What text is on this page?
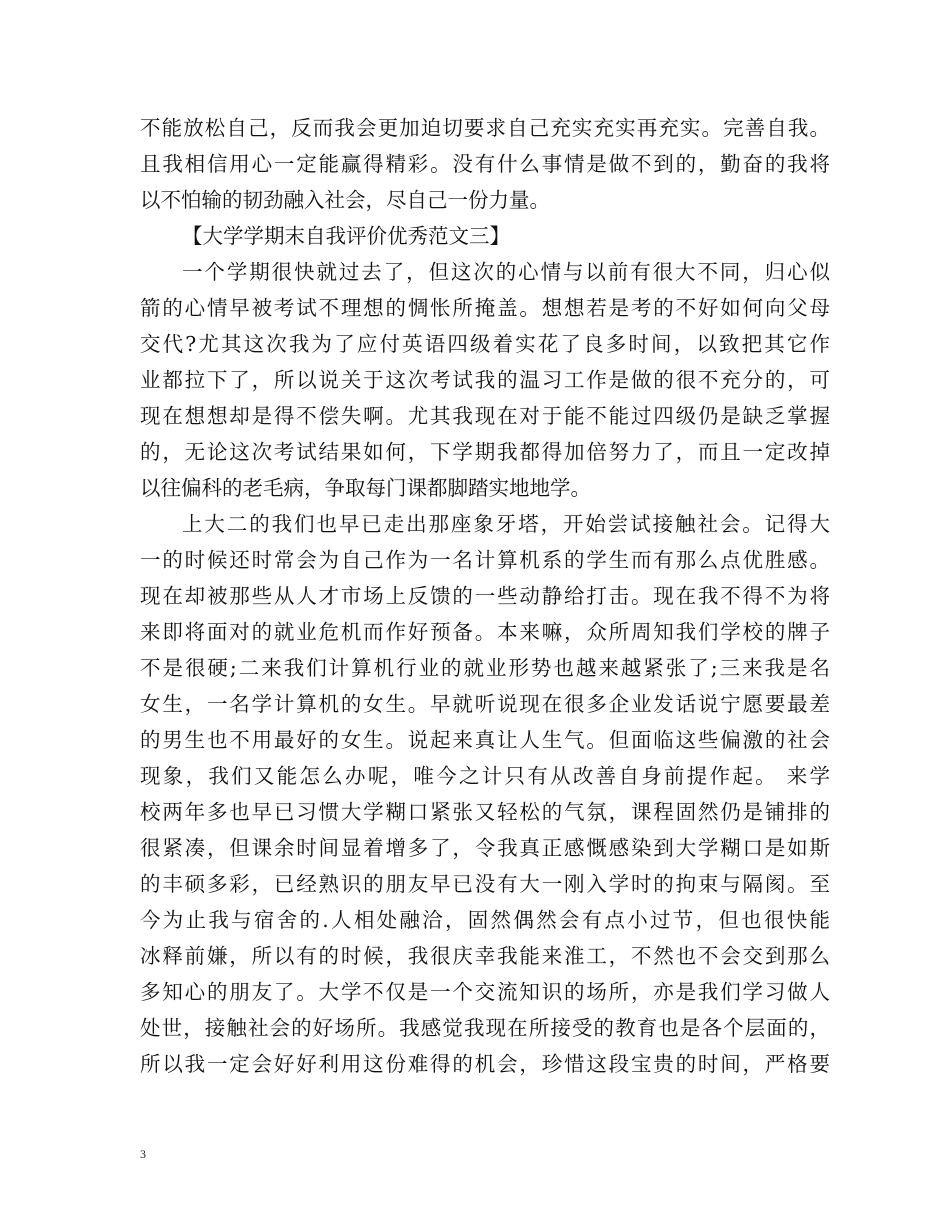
不能放松自己，反而我会更加迫切要求自己充实充实再充实。完善自我。
且我相信用心一定能赢得精彩。没有什么事情是做不到的，勤奋的我将
以不怕输的韧劲融入社会，尽自己一份力量。
【大学学期末自我评价优秀范文三】
一个学期很快就过去了，但这次的心情与以前有很大不同，归心似
箭的心情早被考试不理想的惆怅所掩盖。想想若是考的不好如何向父母
交代?尤其这次我为了应付英语四级着实花了良多时间，以致把其它作
业都拉下了，所以说关于这次考试我的温习工作是做的很不充分的，可
现在想想却是得不偿失啊。尤其我现在对于能不能过四级仍是缺乏掌握
的，无论这次考试结果如何，下学期我都得加倍努力了，而且一定改掉
以往偏科的老毛病，争取每门课都脚踏实地地学。
上大二的我们也早已走出那座象牙塔，开始尝试接触社会。记得大
一的时候还时常会为自己作为一名计算机系的学生而有那么点优胜感。
现在却被那些从人才市场上反馈的一些动静给打击。现在我不得不为将
来即将面对的就业危机而作好预备。本来嘛，众所周知我们学校的牌子
不是很硬;二来我们计算机行业的就业形势也越来越紧张了;三来我是名
女生，一名学计算机的女生。早就听说现在很多企业发话说宁愿要最差
的男生也不用最好的女生。说起来真让人生气。但面临这些偏激的社会
现象，我们又能怎么办呢，唯今之计只有从改善自身前提作起。 来学
校两年多也早已习惯大学糊口紧张又轻松的气氛，课程固然仍是铺排的
很紧凑，但课余时间显着增多了，令我真正感慨感染到大学糊口是如斯
的丰硕多彩，已经熟识的朋友早已没有大一刚入学时的拘束与隔阂。至
今为止我与宿舍的.人相处融洽，固然偶然会有点小过节，但也很快能
冰释前嫌，所以有的时候，我很庆幸我能来淮工，不然也不会交到那么
多知心的朋友了。大学不仅是一个交流知识的场所，亦是我们学习做人
处世，接触社会的好场所。我感觉我现在所接受的教育也是各个层面的，
所以我一定会好好利用这份难得的机会，珍惜这段宝贵的时间，严格要
3
